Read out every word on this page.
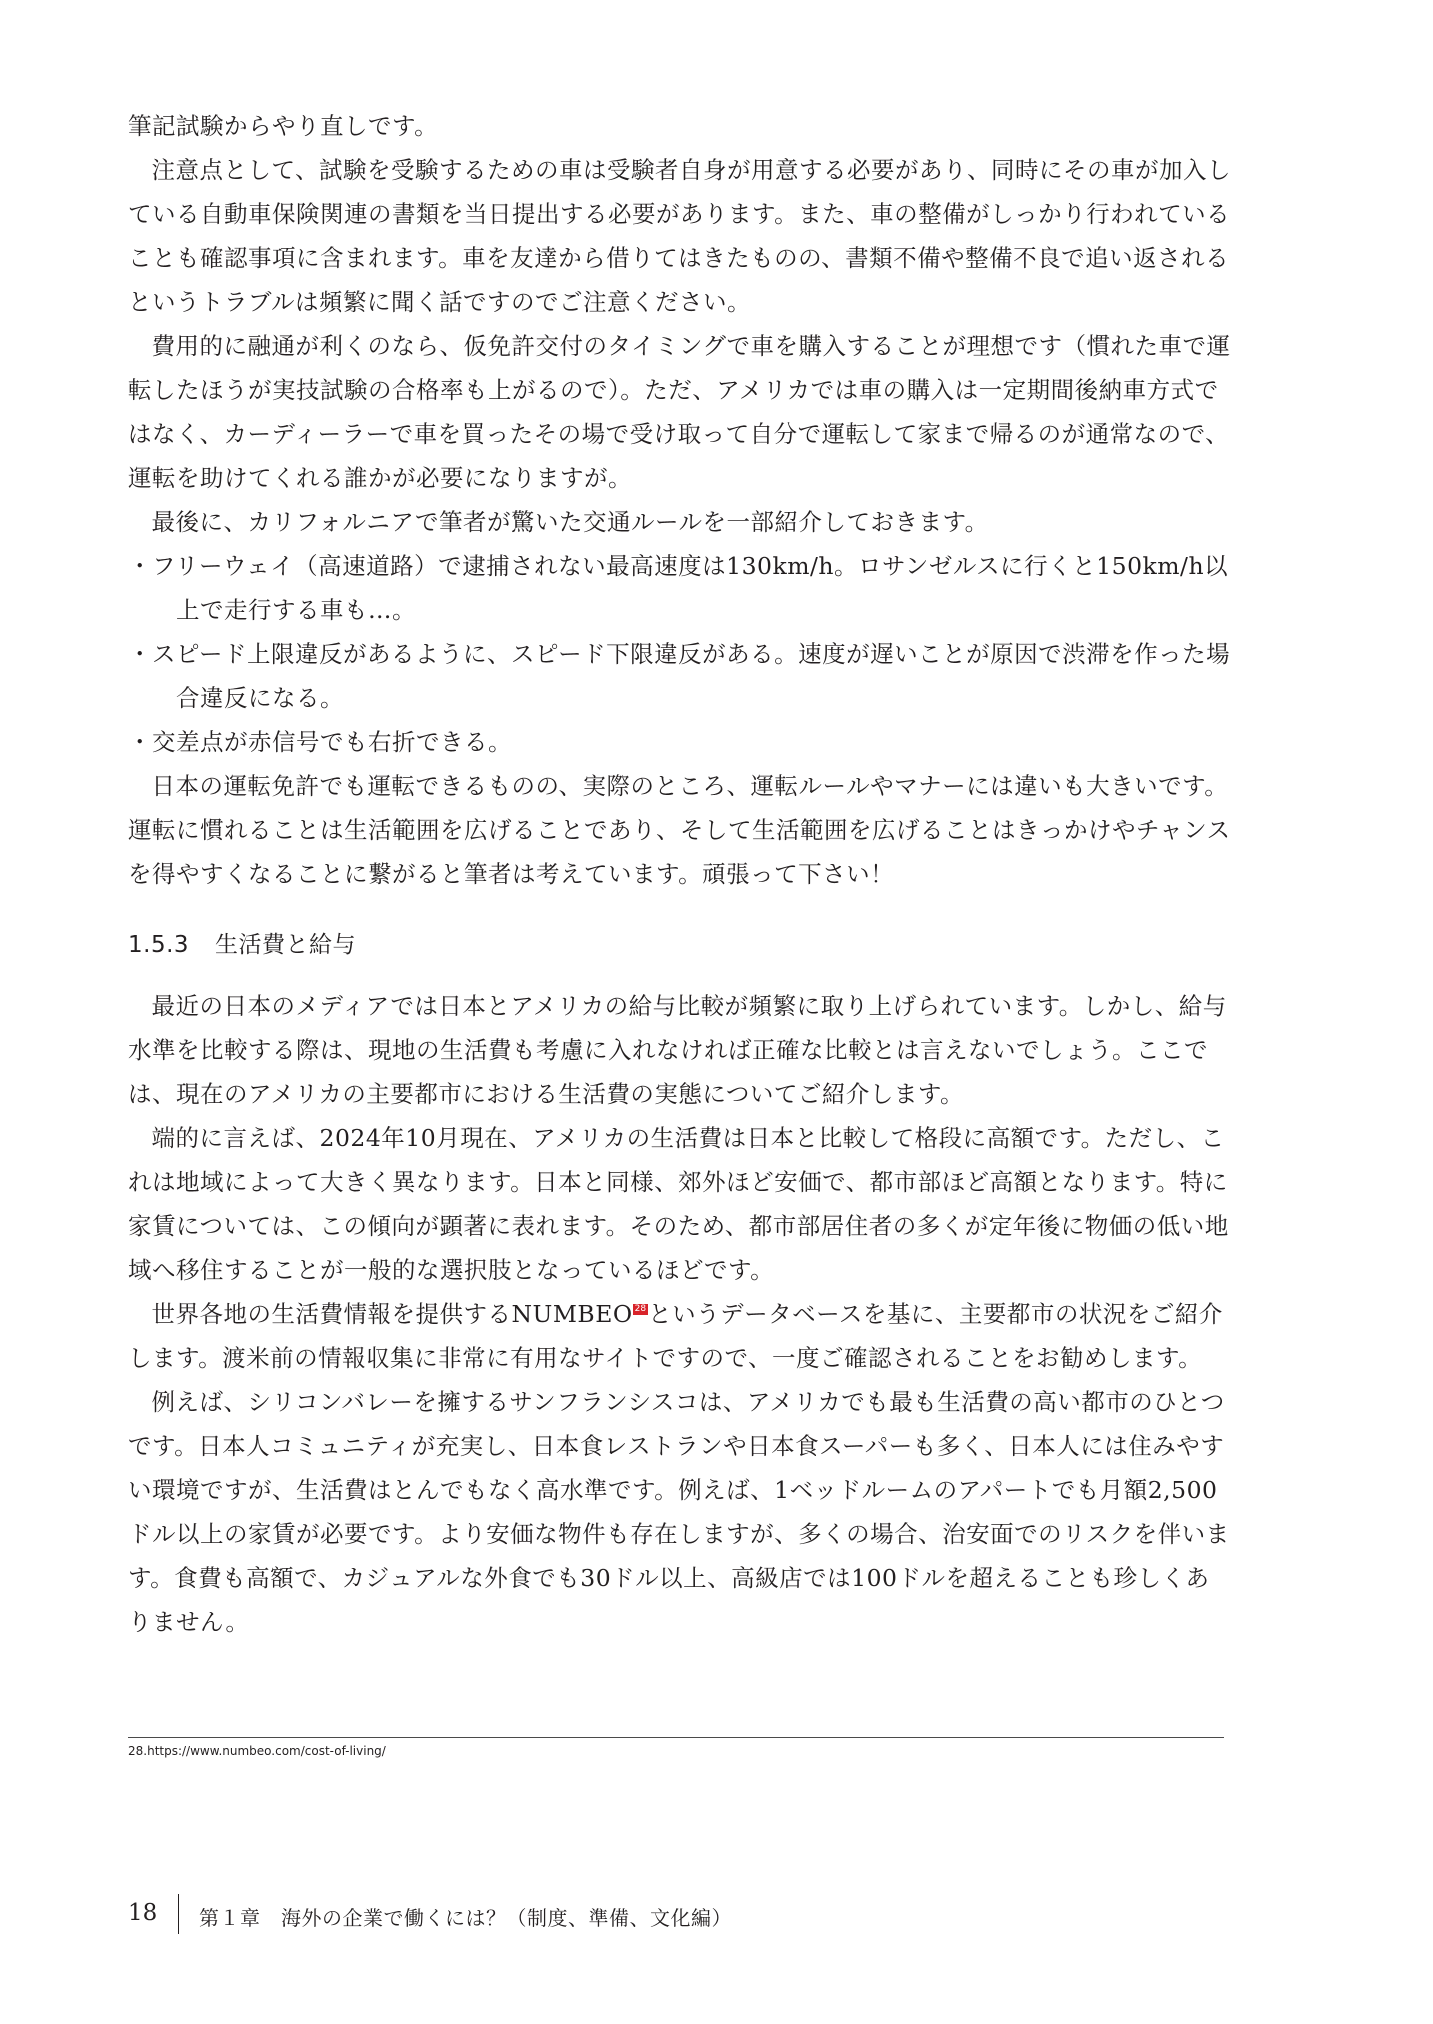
筆記試験からやり直しです。

注意点として、試験を受験するための車は受験者自身が用意する必要があり、同時にその車が加入している自動車保険関連の書類を当日提出する必要があります。また、車の整備がしっかり行われていることも確認事項に含まれます。車を友達から借りてはきたものの、書類不備や整備不良で追い返されるというトラブルは頻繁に聞く話ですのでご注意ください。

費用的に融通が利くのなら、仮免許交付のタイミングで車を購入することが理想です（慣れた車で運転したほうが実技試験の合格率も上がるので）。ただ、アメリカでは車の購入は一定期間後納車方式ではなく、カーディーラーで車を買ったその場で受け取って自分で運転して家まで帰るのが通常なので、運転を助けてくれる誰かが必要になりますが。

最後に、カリフォルニアで筆者が驚いた交通ルールを一部紹介しておきます。

・フリーウェイ（高速道路）で逮捕されない最高速度は130km/h。ロサンゼルスに行くと150km/h以上で走行する車も…。

・スピード上限違反があるように、スピード下限違反がある。速度が遅いことが原因で渋滞を作った場合違反になる。

・交差点が赤信号でも右折できる。

日本の運転免許でも運転できるものの、実際のところ、運転ルールやマナーには違いも大きいです。運転に慣れることは生活範囲を広げることであり、そして生活範囲を広げることはきっかけやチャンスを得やすくなることに繋がると筆者は考えています。頑張って下さい！

1.5.3 生活費と給与

最近の日本のメディアでは日本とアメリカの給与比較が頻繁に取り上げられています。しかし、給与水準を比較する際は、現地の生活費も考慮に入れなければ正確な比較とは言えないでしょう。ここでは、現在のアメリカの主要都市における生活費の実態についてご紹介します。

端的に言えば、2024年10月現在、アメリカの生活費は日本と比較して格段に高額です。ただし、これは地域によって大きく異なります。日本と同様、郊外ほど安価で、都市部ほど高額となります。特に家賃については、この傾向が顕著に表れます。そのため、都市部居住者の多くが定年後に物価の低い地域へ移住することが一般的な選択肢となっているほどです。

世界各地の生活費情報を提供するNUMBEO 28というデータベースを基に、主要都市の状況をご紹介します。渡米前の情報収集に非常に有用なサイトですので、一度ご確認されることをお勧めします。

例えば、シリコンバレーを擁するサンフランシスコは、アメリカでも最も生活費の高い都市のひとつです。日本人コミュニティが充実し、日本食レストランや日本食スーパーも多く、日本人には住みやすい環境ですが、生活費はとんでもなく高水準です。例えば、1ベッドルームのアパートでも月額2,500ドル以上の家賃が必要です。より安価な物件も存在しますが、多くの場合、治安面でのリスクを伴います。食費も高額で、カジュアルな外食でも30ドル以上、高級店では100ドルを超えることも珍しくありません。

28.https://www.numbeo.com/cost-of-living/
18 第１章　海外の企業で働くには？（制度、準備、文化編）
